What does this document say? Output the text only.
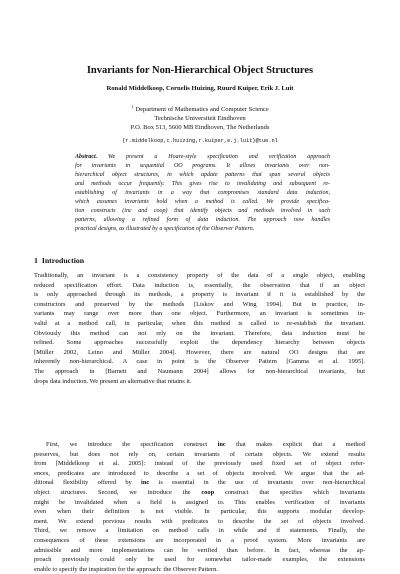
Invariants for Non-Hierarchical Object Structures
Ronald Middelkoop, Cornelis Huizing, Ruurd Kuiper, Erik J. Luit
$^1$ Department of Mathematics and Computer Science
Technische Universiteit Eindhoven
P.O. Box 513, 5600 MB Eindhoven, The Netherlands
{r.middelkoop,c.huizing,r.kuiper,e.j.luit}@tue.nl
Abstract. We present a Hoare-style specification and verification approach
for invariants in sequential OO programs. It allows invariants over non-
hierarchical object structures, in which update patterns that span several objects
and methods occur frequently. This gives rise to invalidating and subsequent re-
establishing of invariants in a way that compromises standard data induction,
which assumes invariants hold when a method is called. We provide specifica-
tion constructs (inc and coop) that identify objects and methods involved in such
patterns, allowing a refined form of data induction. The approach now handles
practical designs, as illustrated by a specification of the Observer Pattern.
1 Introduction
Traditionally, an invariant is a consistency property of the data of a single object, enabling
reduced specification effort. Data induction is, essentially, the observation that if an object
is only approached through its methods, a property is invariant if it is established by the
constructors and preserved by the methods [Liskov and Wing 1994]. But in practice, in-
variants may range over more than one object. Furthermore, an invariant is sometimes in-
valid at a method call, in particular, when this method is called to re-establish the invariant.
Obviously this method can not rely on the invariant. Therefore, data induction must be
refined. Some approaches successfully exploit the dependency hierarchy between objects
[Müller 2002, Leino and Müller 2004]. However, there are natural OO designs that are
inherently non-hierarchical. A case in point is the Observer Pattern [Gamma et al. 1995].
The approach in [Barnett and Naumann 2004] allows for non-hierarchical invariants, but
drops data induction. We present an alternative that retains it.
First, we introduce the specification construct inc that makes explicit that a method
preserves, but does not rely on, certain invariants of certain objects. We extend results
from [Middelkoop et al. 2005]: instead of the previously used fixed set of object refer-
ences, predicates are introduced to describe a set of objects involved. We argue that the ad-
ditional flexibility offered by inc is essential in the use of invariants over non-hierarchical
object structures. Second, we introduce the coop construct that specifies which invariants
might be invalidated when a field is assigned to. This enables verification of invariants
even when their definition is not visible. In particular, this supports modular develop-
ment. We extend previous results with predicates to describe the set of objects involved.
Third, we remove a limitation on method calls in while and if statements. Finally, the
consequences of these extensions are incorporated in a proof system. More invariants are
admissible and more implementations can be verified than before. In fact, whereas the ap-
proach previously could only be used for somewhat tailor-made examples, the extensions
enable to specify the inspiration for the approach: the Observer Pattern.
